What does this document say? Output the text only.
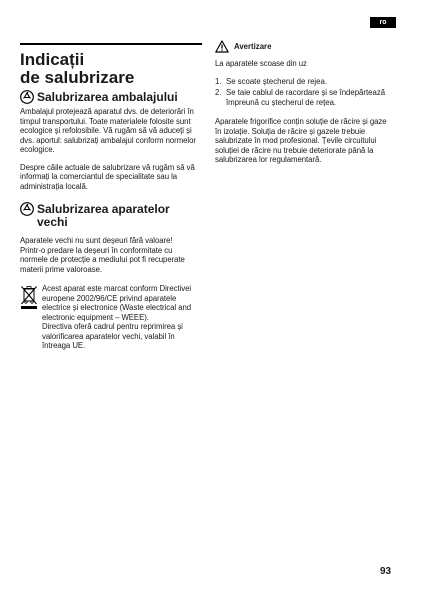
ro
Indicații
de salubrizare
Salubrizarea ambalajului

Ambalajul protejează aparatul dvs. de deteriorări în timpul transportului. Toate materialele folosite sunt ecologice și refolosibile. Vă rugăm să vă aduceți și dvs. aportul: salubrizați ambalajul conform normelor ecologice.

Despre căile actuale de salubrizare vă rugăm să vă informați la comerciantul de specialitate sau la administrația locală.

Salubrizarea aparatelor vechi

Aparatele vechi nu sunt deșeuri fără valoare!

Printr-o predare la deșeuri în conformitate cu normele de protecție a mediului pot fi recuperate materii prime valoroase.

Acest aparat este marcat conform Directivei europene 2002/96/CE privind aparatele electrice și electronice (Waste electrical and electronic equipment – WEEE).

Directiva oferă cadrul pentru reprimirea și valorificarea aparatelor vechi, valabil în întreaga UE.

Avertizare

La aparatele scoase din uz

1. Se scoate ștecherul de rejea.
2. Se taie cablul de racordare și se îndepărtează împreună cu ștecherul de rețea.

Aparatele frigorifice conțin soluție de răcire și gaze în izolație. Soluția de răcire și gazele trebuie salubrizate în mod profesional. Țevile circuitului soluției de răcire nu trebuie deteriorate până la salubrizarea lor regulamentară.

93
